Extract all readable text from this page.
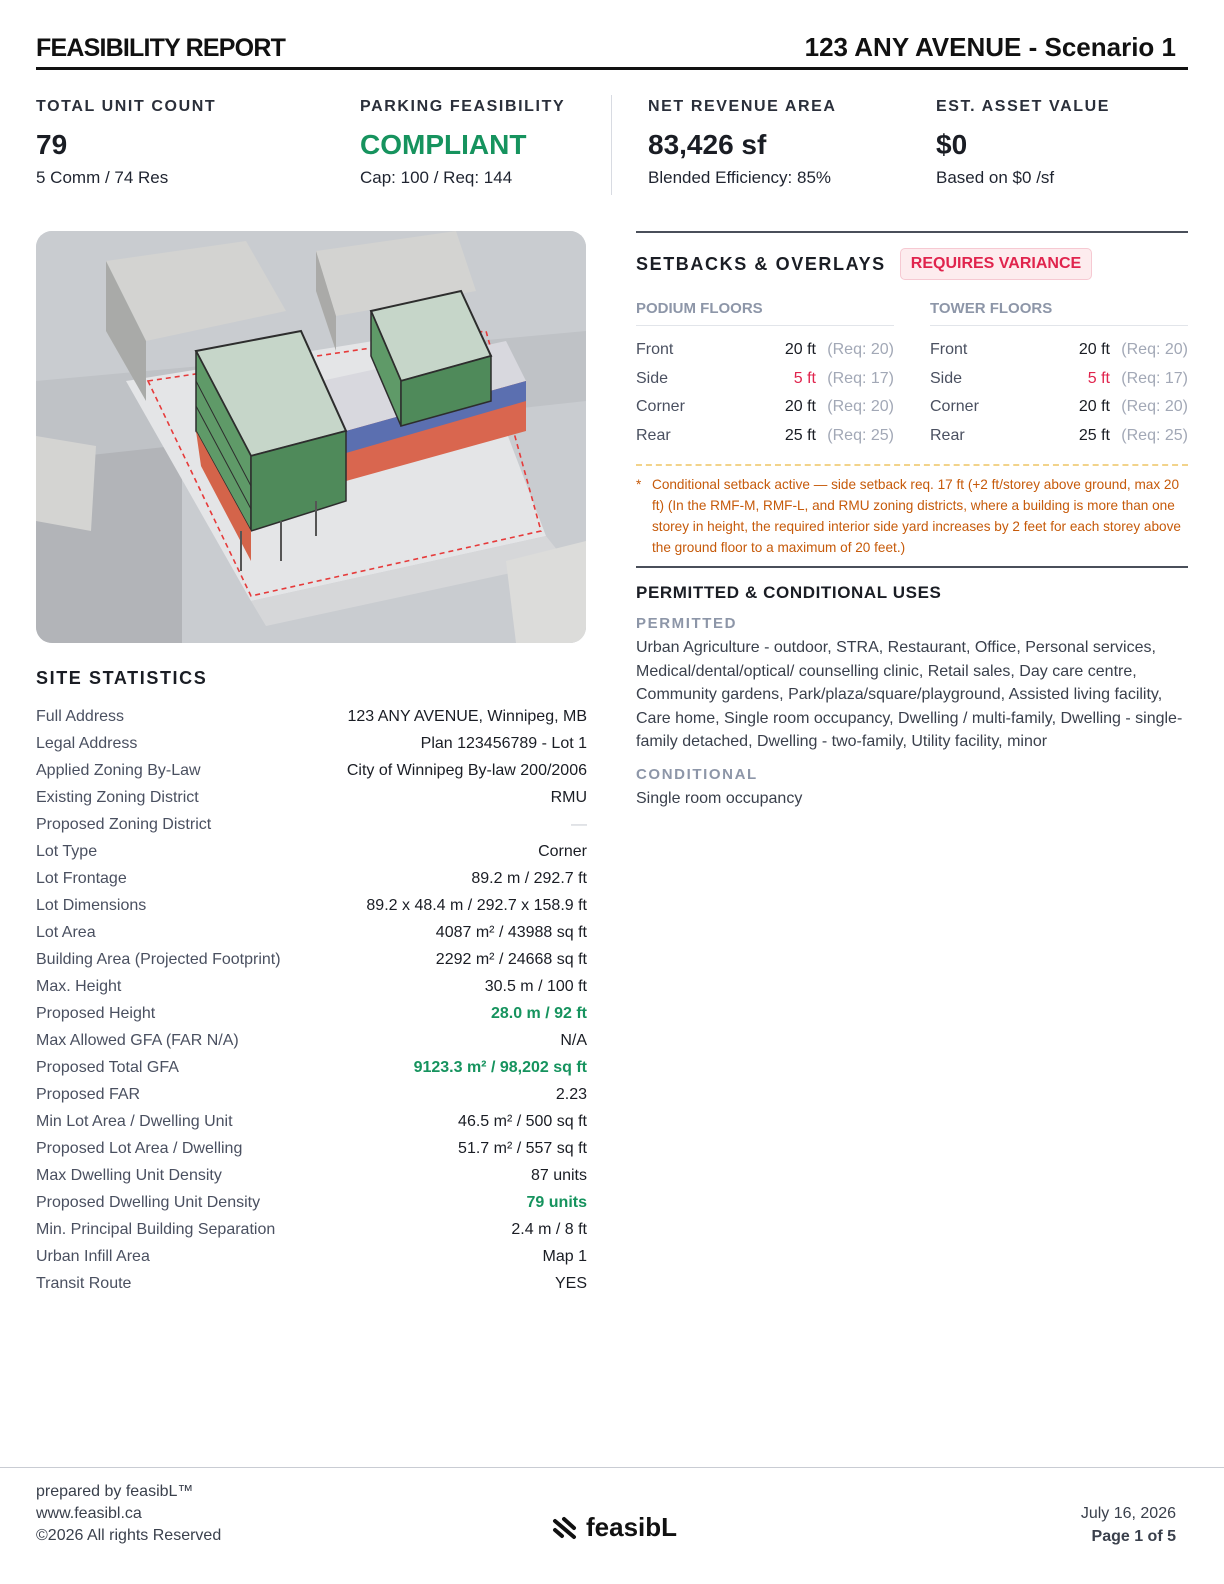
FEASIBILITY REPORT	123 ANY AVENUE - Scenario 1
TOTAL UNIT COUNT
79
5 Comm / 74 Res
PARKING FEASIBILITY
COMPLIANT
Cap: 100 / Req: 144
NET REVENUE AREA
83,426 sf
Blended Efficiency: 85%
EST. ASSET VALUE
$0
Based on $0 /sf
SITE STATISTICS
Full Address	123 ANY AVENUE, Winnipeg, MB
Legal Address	Plan 123456789 - Lot 1
Applied Zoning By-Law	City of Winnipeg By-law 200/2006
Existing Zoning District	RMU
Proposed Zoning District	—
Lot Type	Corner
Lot Frontage	89.2 m / 292.7 ft
Lot Dimensions	89.2 x 48.4 m / 292.7 x 158.9 ft
Lot Area	4087 m² / 43988 sq ft
Building Area (Projected Footprint)	2292 m² / 24668 sq ft
Max. Height	30.5 m / 100 ft
Proposed Height	28.0 m / 92 ft
Max Allowed GFA (FAR N/A)	N/A
Proposed Total GFA	9123.3 m² / 98,202 sq ft
Proposed FAR	2.23
Min Lot Area / Dwelling Unit	46.5 m² / 500 sq ft
Proposed Lot Area / Dwelling	51.7 m² / 557 sq ft
Max Dwelling Unit Density	87 units
Proposed Dwelling Unit Density	79 units
Min. Principal Building Separation	2.4 m / 8 ft
Urban Infill Area	Map 1
Transit Route	YES
SETBACKS & OVERLAYS	REQUIRES VARIANCE
PODIUM FLOORS
Front	20 ft (Req: 20)
Side	5 ft (Req: 17)
Corner	20 ft (Req: 20)
Rear	25 ft (Req: 25)
TOWER FLOORS
Front	20 ft (Req: 20)
Side	5 ft (Req: 17)
Corner	20 ft (Req: 20)
Rear	25 ft (Req: 25)
* Conditional setback active — side setback req. 17 ft (+2 ft/storey above ground, max 20 ft) (In the RMF-M, RMF-L, and RMU zoning districts, where a building is more than one storey in height, the required interior side yard increases by 2 feet for each storey above the ground floor to a maximum of 20 feet.)
PERMITTED & CONDITIONAL USES
PERMITTED
Urban Agriculture - outdoor, STRA, Restaurant, Office, Personal services, Medical/dental/optical/ counselling clinic, Retail sales, Day care centre, Community gardens, Park/plaza/square/playground, Assisted living facility, Care home, Single room occupancy, Dwelling / multi-family, Dwelling - single-family detached, Dwelling - two-family, Utility facility, minor
CONDITIONAL
Single room occupancy
prepared by feasibL™
www.feasibl.ca
©2026 All rights Reserved	feasibL	July 16, 2026
Page 1 of 5
